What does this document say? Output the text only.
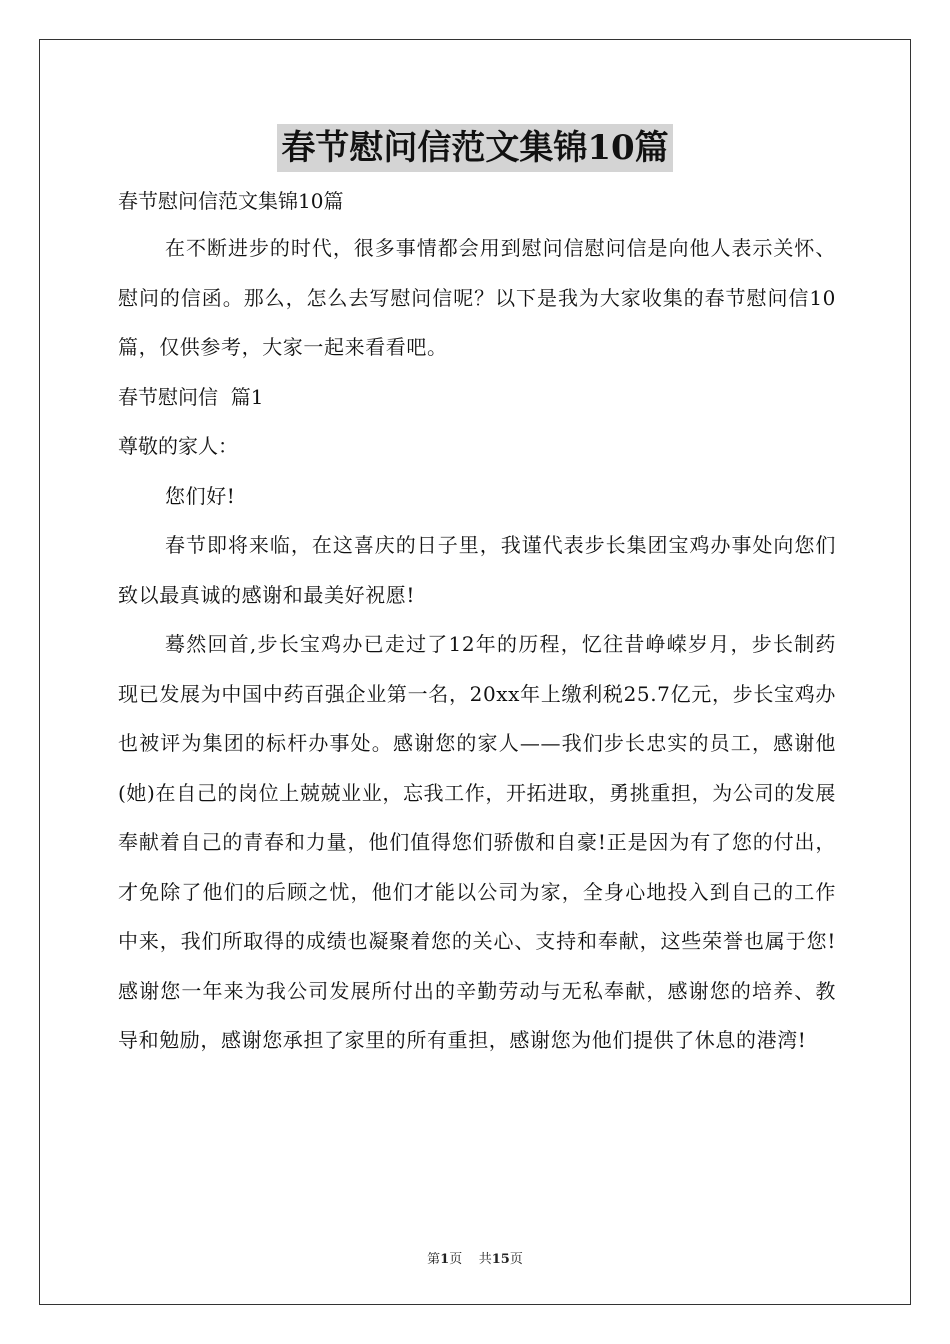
春节慰问信范文集锦10篇

春节慰问信范文集锦10篇

在不断进步的时代，很多事情都会用到慰问信慰问信是向他人表示关怀、慰问的信函。那么，怎么去写慰问信呢？以下是我为大家收集的春节慰问信10篇，仅供参考，大家一起来看看吧。

春节慰问信  篇1

尊敬的家人：

您们好!

春节即将来临，在这喜庆的日子里，我谨代表步长集团宝鸡办事处向您们致以最真诚的感谢和最美好祝愿!

蓦然回首,步长宝鸡办已走过了12年的历程，忆往昔峥嵘岁月，步长制药现已发展为中国中药百强企业第一名，20xx年上缴利税25.7亿元，步长宝鸡办也被评为集团的标杆办事处。感谢您的家人——我们步长忠实的员工，感谢他(她)在自己的岗位上兢兢业业，忘我工作，开拓进取，勇挑重担，为公司的发展奉献着自己的青春和力量，他们值得您们骄傲和自豪!正是因为有了您的付出，才免除了他们的后顾之忧，他们才能以公司为家，全身心地投入到自己的工作中来，我们所取得的成绩也凝聚着您的关心、支持和奉献，这些荣誉也属于您!感谢您一年来为我公司发展所付出的辛勤劳动与无私奉献，感谢您的培养、教导和勉励，感谢您承担了家里的所有重担，感谢您为他们提供了休息的港湾!

第1页 共15页
